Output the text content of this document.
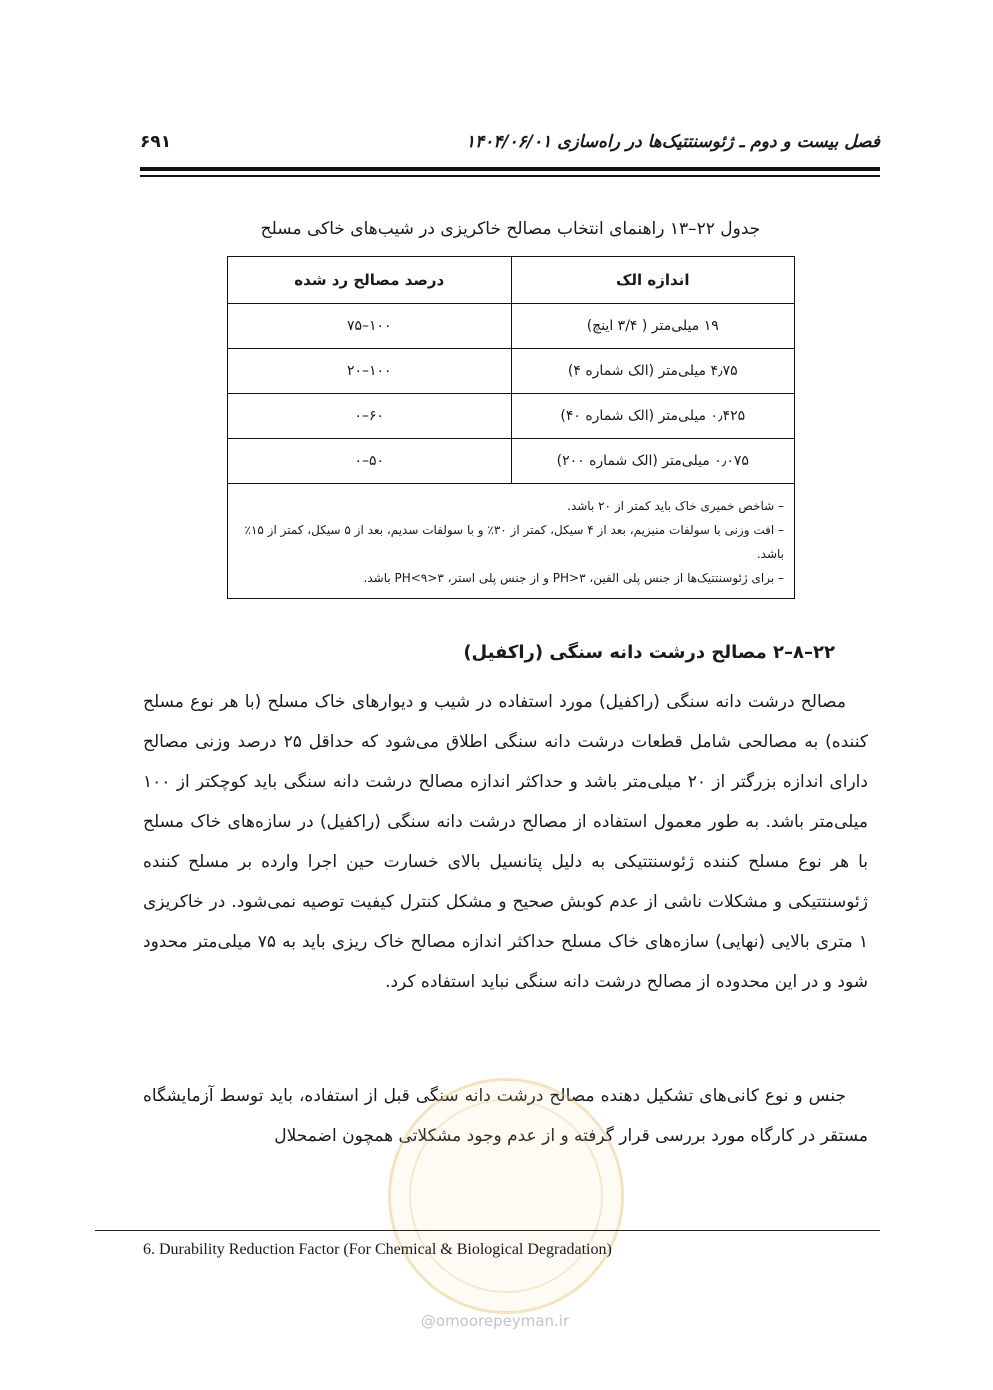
فصل بیست و دوم ـ ژئوسنتتیک‌ها در راه‌سازی ۱۴۰۴/۰۶/۰۱
۶۹۱
جدول ۲۲–۱۳ راهنمای انتخاب مصالح خاکریزی در شیب‌های خاکی مسلح
اندازه الک	درصد مصالح رد شده
۱۹ میلی‌متر ( ۳/۴ اینچ)	۱۰۰–۷۵
۴٫۷۵ میلی‌متر (الک شماره ۴)	۱۰۰–۲۰
۰٫۴۲۵ میلی‌متر (الک شماره ۴۰)	۶۰–۰
۰٫۰۷۵ میلی‌متر (الک شماره ۲۰۰)	۵۰–۰

– شاخص خمیری خاک باید کمتر از ۲۰ باشد.

– افت وزنی با سولفات منیزیم، بعد از ۴ سیکل، کمتر از ۳۰٪ و با سولفات سدیم، بعد از ۵ سیکل، کمتر از ۱۵٪ باشد.

– برای ژئوسنتتیک‌ها از جنس پلی الفین، PH>۳ و از جنس پلی استر، ۳<PH<۹ باشد.	

۲۲–۸–۲ مصالح درشت دانه سنگی (راکفیل)

مصالح درشت دانه سنگی (راکفیل) مورد استفاده در شیب و دیوارهای خاک مسلح (با هر نوع مسلح کننده) به مصالحی شامل قطعات درشت دانه سنگی اطلاق می‌شود که حداقل ۲۵ درصد وزنی مصالح دارای اندازه بزرگتر از ۲۰ میلی‌متر باشد و حداکثر اندازه مصالح درشت دانه سنگی باید کوچکتر از ۱۰۰ میلی‌متر باشد. به طور معمول استفاده از مصالح درشت دانه سنگی (راکفیل) در سازه‌های خاک مسلح با هر نوع مسلح کننده ژئوسنتتیکی به دلیل پتانسیل بالای خسارت حین اجرا وارده بر مسلح کننده ژئوسنتتیکی و مشکلات ناشی از عدم کوبش صحیح و مشکل کنترل کیفیت توصیه نمی‌شود. در خاکریزی ۱ متری بالایی (نهایی) سازه‌های خاک مسلح حداکثر اندازه مصالح خاک ریزی باید به ۷۵ میلی‌متر محدود شود و در این محدوده از مصالح درشت دانه سنگی نباید استفاده کرد.

جنس و نوع کانی‌های تشکیل دهنده مصالح درشت دانه سنگی قبل از استفاده، باید توسط آزمایشگاه مستقر در کارگاه مورد بررسی قرار گرفته و از عدم وجود مشکلاتی همچون اضمحلال

6. Durability Reduction Factor (For Chemical & Biological Degradation)
@omoorepeyman.ir
